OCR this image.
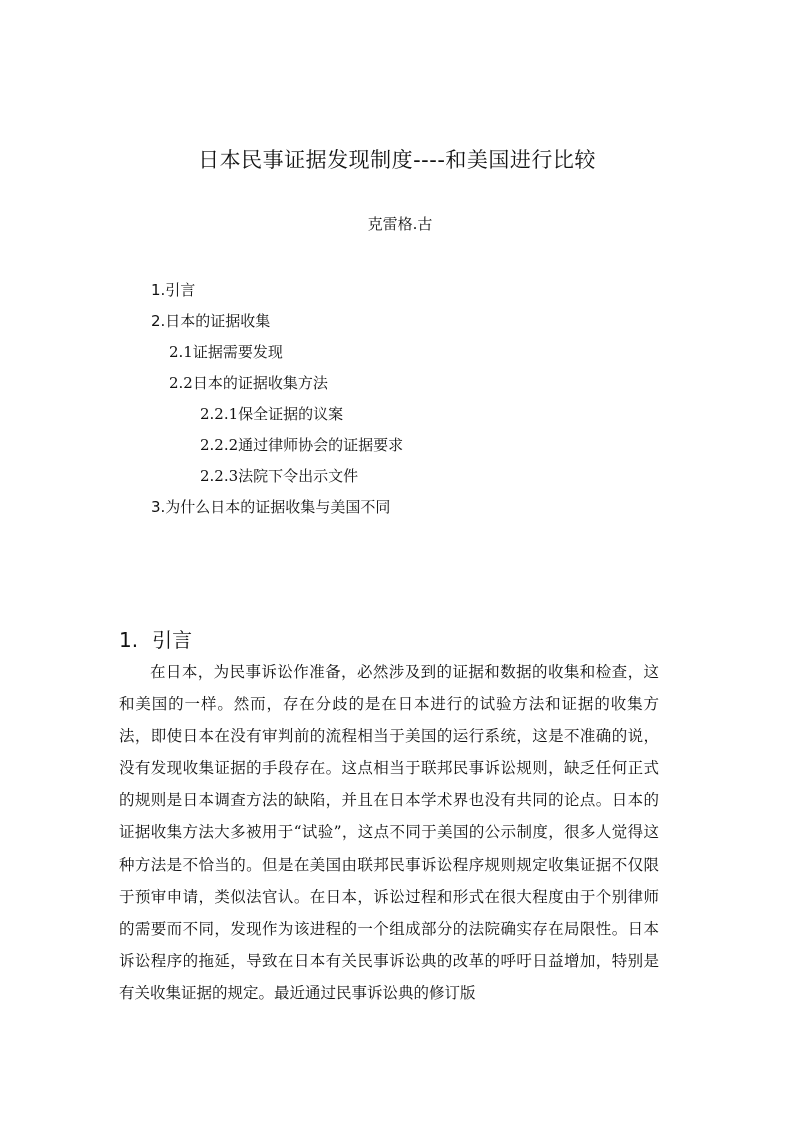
日本民事证据发现制度----和美国进行比较

克雷格.古

1.引言
2.日本的证据收集
2.1证据需要发现
2.2日本的证据收集方法
2.2.1保全证据的议案
2.2.2通过律师协会的证据要求
2.2.3法院下令出示文件
3.为什么日本的证据收集与美国不同
1. 引言

在日本，为民事诉讼作准备，必然涉及到的证据和数据的收集和检查，这和美国的一样。然而，存在分歧的是在日本进行的试验方法和证据的收集方法，即使日本在没有审判前的流程相当于美国的运行系统，这是不准确的说，没有发现收集证据的手段存在。这点相当于联邦民事诉讼规则，缺乏任何正式的规则是日本调查方法的缺陷，并且在日本学术界也没有共同的论点。日本的证据收集方法大多被用于“试验”，这点不同于美国的公示制度，很多人觉得这种方法是不恰当的。但是在美国由联邦民事诉讼程序规则规定收集证据不仅限于预审申请，类似法官认。在日本，诉讼过程和形式在很大程度由于个别律师的需要而不同，发现作为该进程的一个组成部分的法院确实存在局限性。日本诉讼程序的拖延，导致在日本有关民事诉讼典的改革的呼吁日益增加，特别是有关收集证据的规定。最近通过民事诉讼典的修订版
